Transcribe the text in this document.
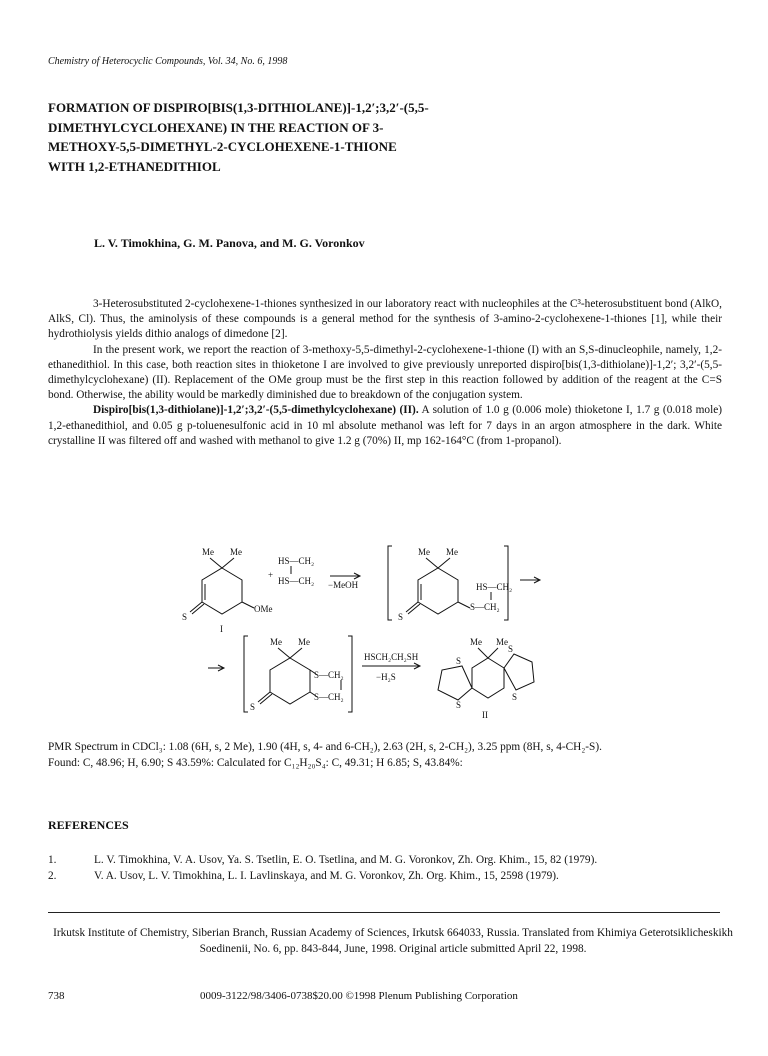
Chemistry of Heterocyclic Compounds, Vol. 34, No. 6, 1998
FORMATION OF DISPIRO[BIS(1,3-DITHIOLANE)]-1,2′;3,2′-(5,5-
DIMETHYLCYCLOHEXANE) IN THE REACTION OF 3-
METHOXY-5,5-DIMETHYL-2-CYCLOHEXENE-1-THIONE
WITH 1,2-ETHANEDITHIOL
L. V. Timokhina, G. M. Panova, and M. G. Voronkov

3-Heterosubstituted 2-cyclohexene-1-thiones synthesized in our laboratory react with nucleophiles at the C³-heterosubstituent bond (AlkO, AlkS, Cl). Thus, the aminolysis of these compounds is a general method for the synthesis of 3-amino-2-cyclohexene-1-thiones [1], while their hydrothiolysis yields dithio analogs of dimedone [2].

In the present work, we report the reaction of 3-methoxy-5,5-dimethyl-2-cyclohexene-1-thione (I) with an S,S-dinucleophile, namely, 1,2-ethanedithiol. In this case, both reaction sites in thioketone I are involved to give previously unreported dispiro[bis(1,3-dithiolane)]-1,2′; 3,2′-(5,5-dimethylcyclohexane) (II). Replacement of the OMe group must be the first step in this reaction followed by addition of the reagent at the C=S bond. Otherwise, the ability would be markedly diminished due to breakdown of the conjugation system.

Dispiro[bis(1,3-dithiolane)]-1,2′;3,2′-(5,5-dimethylcyclohexane) (II). A solution of 1.0 g (0.006 mole) thioketone I, 1.7 g (0.018 mole) 1,2-ethanedithiol, and 0.05 g p-toluenesulfonic acid in 10 ml absolute methanol was left for 7 days in an argon atmosphere in the dark. White crystalline II was filtered off and washed with methanol to give 1.2 g (70%) II, mp 162-164°C (from 1-propanol).

Me Me
S
OMe
I
+
HS—CH₂
HS—CH₂ −MeOH
Me Me
S
HS—CH₂
S—CH₂
Me Me
S
S—CH₂
S—CH₂
HSCH₂CH₂SH
−H₂S
Me Me
S
S
S
S
II
PMR Spectrum in CDCl₃: 1.08 (6H, s, 2 Me), 1.90 (4H, s, 4- and 6-CH₂), 2.63 (2H, s, 2-CH₂), 3.25 ppm (8H, s, 4-CH₂-S).
Found: C, 48.96; H, 6.90; S 43.59%: Calculated for C₁₂H₂₀S₄: C, 49.31; H 6.85; S, 43.84%:
REFERENCES
1.	L. V. Timokhina, V. A. Usov, Ya. S. Tsetlin, E. O. Tsetlina, and M. G. Voronkov, Zh. Org. Khim., 15, 82 (1979).
2.	V. A. Usov, L. V. Timokhina, L. I. Lavlinskaya, and M. G. Voronkov, Zh. Org. Khim., 15, 2598 (1979).
Irkutsk Institute of Chemistry, Siberian Branch, Russian Academy of Sciences, Irkutsk 664033, Russia. Translated from Khimiya Geterotsiklicheskikh Soedinenii, No. 6, pp. 843-844, June, 1998. Original article submitted April 22, 1998.
738	0009-3122/98/3406-0738$20.00 ©1998 Plenum Publishing Corporation
